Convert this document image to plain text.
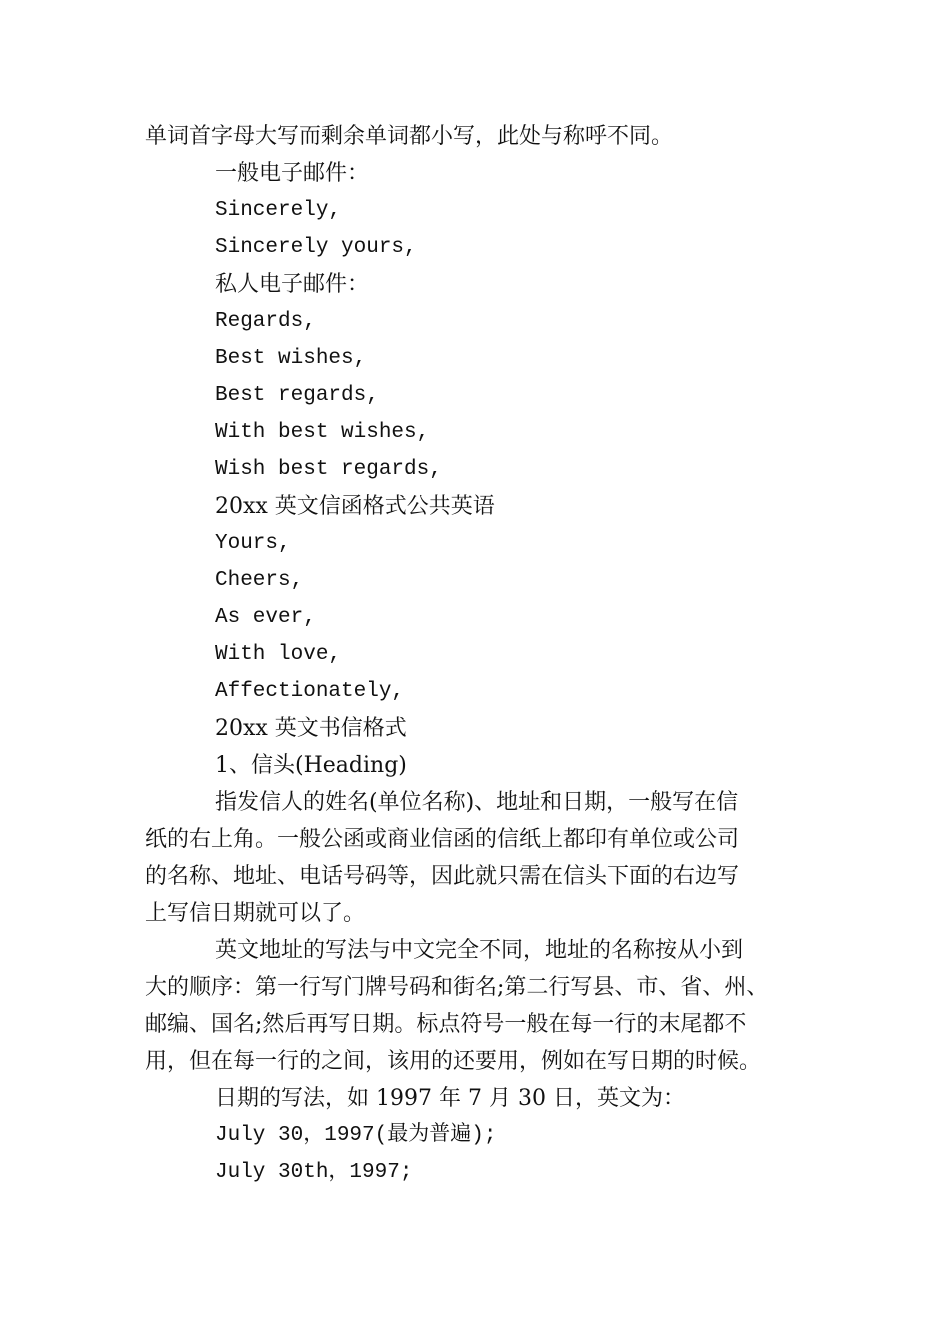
单词首字母大写而剩余单词都小写，此处与称呼不同。
一般电子邮件：
Sincerely,
Sincerely yours,
私人电子邮件：
Regards,
Best wishes,
Best regards,
With best wishes,
Wish best regards,
20xx 英文信函格式公共英语
Yours,
Cheers,
As ever,
With love,
Affectionately,
20xx 英文书信格式
1、信头(Heading)
指发信人的姓名(单位名称)、地址和日期，一般写在信
纸的右上角。一般公函或商业信函的信纸上都印有单位或公司
的名称、地址、电话号码等，因此就只需在信头下面的右边写
上写信日期就可以了。
英文地址的写法与中文完全不同，地址的名称按从小到
大的顺序：第一行写门牌号码和街名;第二行写县、市、省、州、
邮编、国名;然后再写日期。标点符号一般在每一行的末尾都不
用，但在每一行的之间，该用的还要用，例如在写日期的时候。
日期的写法，如 1997 年 7 月 30 日，英文为：
July 30，1997(最为普遍);
July 30th，1997;
